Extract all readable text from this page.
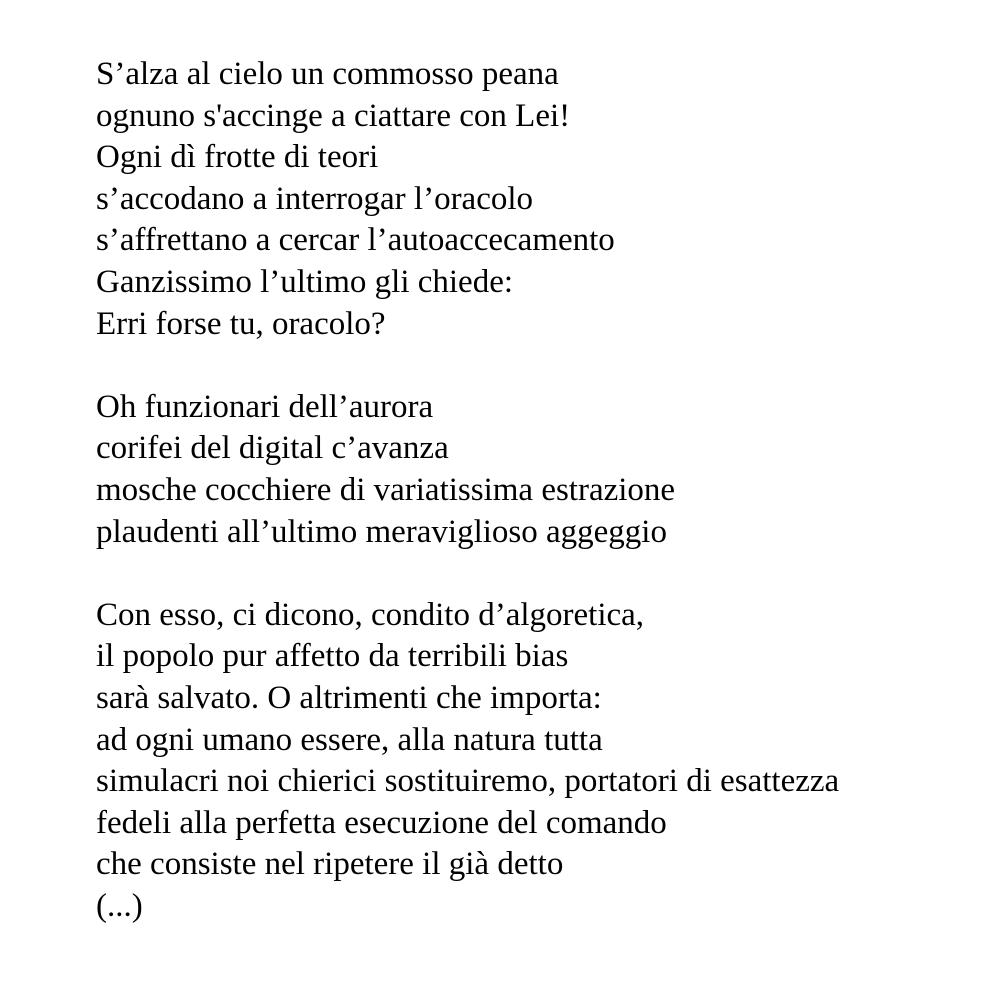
S’alza al cielo un commosso peana
ognuno s'accinge a ciattare con Lei!
Ogni dì frotte di teori
s’accodano a interrogar l’oracolo
s’affrettano a cercar l’autoaccecamento
Ganzissimo l’ultimo gli chiede:
Erri forse tu, oracolo?
Oh funzionari dell’aurora
corifei del digital c’avanza
mosche cocchiere di variatissima estrazione
plaudenti all’ultimo meraviglioso aggeggio
Con esso, ci dicono, condito d’algoretica,
il popolo pur affetto da terribili bias
sarà salvato. O altrimenti che importa:
ad ogni umano essere, alla natura tutta
simulacri noi chierici sostituiremo, portatori di esattezza
fedeli alla perfetta esecuzione del comando
che consiste nel ripetere il già detto
(...)
